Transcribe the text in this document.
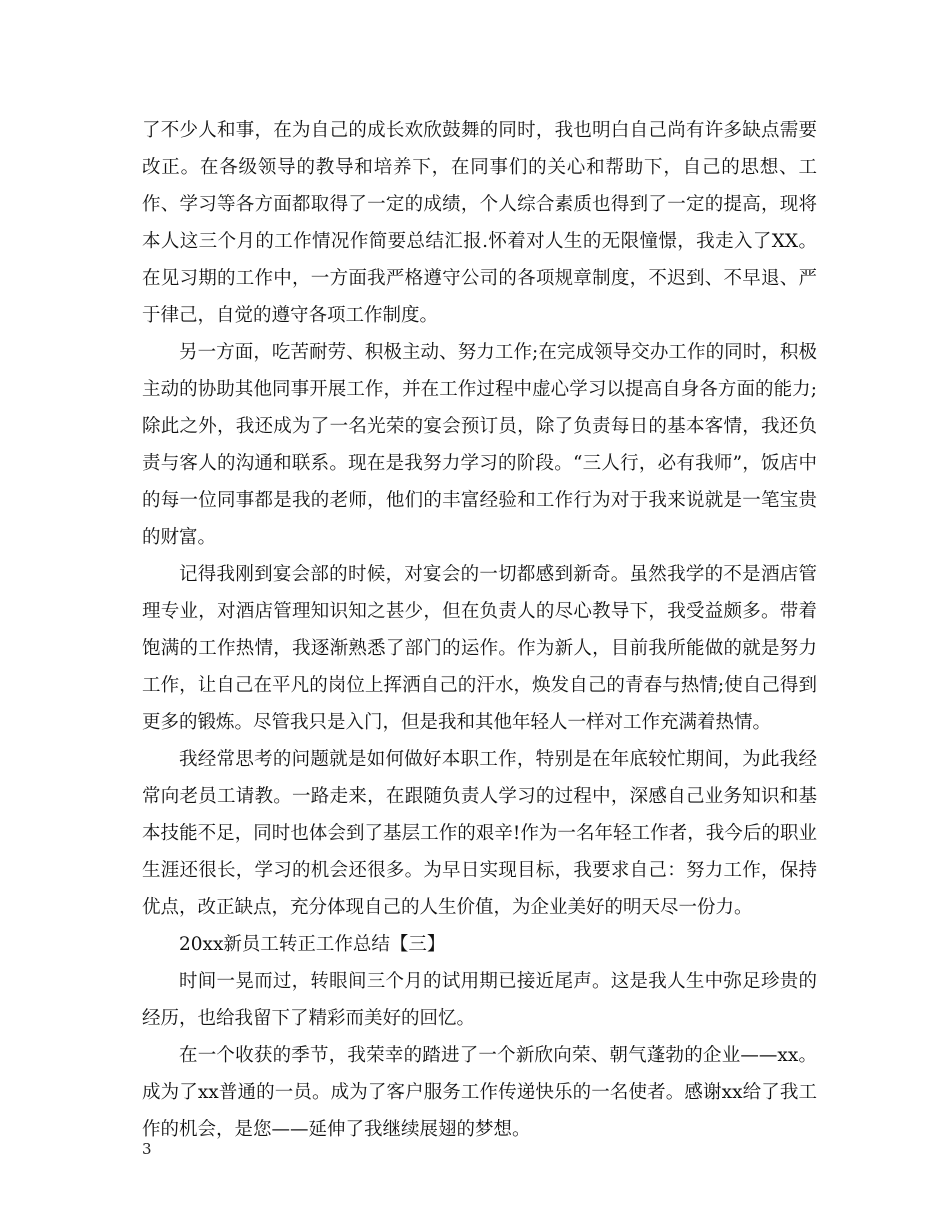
了不少人和事，在为自己的成长欢欣鼓舞的同时，我也明白自己尚有许多缺点需要改正。在各级领导的教导和培养下，在同事们的关心和帮助下，自己的思想、工作、学习等各方面都取得了一定的成绩，个人综合素质也得到了一定的提高，现将本人这三个月的工作情况作简要总结汇报.怀着对人生的无限憧憬，我走入了XX。在见习期的工作中，一方面我严格遵守公司的各项规章制度，不迟到、不早退、严于律己，自觉的遵守各项工作制度。

另一方面，吃苦耐劳、积极主动、努力工作;在完成领导交办工作的同时，积极主动的协助其他同事开展工作，并在工作过程中虚心学习以提高自身各方面的能力;除此之外，我还成为了一名光荣的宴会预订员，除了负责每日的基本客情，我还负责与客人的沟通和联系。现在是我努力学习的阶段。“三人行，必有我师”，饭店中的每一位同事都是我的老师，他们的丰富经验和工作行为对于我来说就是一笔宝贵的财富。

记得我刚到宴会部的时候，对宴会的一切都感到新奇。虽然我学的不是酒店管理专业，对酒店管理知识知之甚少，但在负责人的尽心教导下，我受益颇多。带着饱满的工作热情，我逐渐熟悉了部门的运作。作为新人，目前我所能做的就是努力工作，让自己在平凡的岗位上挥洒自己的汗水，焕发自己的青春与热情;使自己得到更多的锻炼。尽管我只是入门，但是我和其他年轻人一样对工作充满着热情。

我经常思考的问题就是如何做好本职工作，特别是在年底较忙期间，为此我经常向老员工请教。一路走来，在跟随负责人学习的过程中，深感自己业务知识和基本技能不足，同时也体会到了基层工作的艰辛!作为一名年轻工作者，我今后的职业生涯还很长，学习的机会还很多。为早日实现目标，我要求自己：努力工作，保持优点，改正缺点，充分体现自己的人生价值，为企业美好的明天尽一份力。

20xx新员工转正工作总结【三】

时间一晃而过，转眼间三个月的试用期已接近尾声。这是我人生中弥足珍贵的经历，也给我留下了精彩而美好的回忆。

在一个收获的季节，我荣幸的踏进了一个新欣向荣、朝气蓬勃的企业——xx。成为了xx普通的一员。成为了客户服务工作传递快乐的一名使者。感谢xx给了我工作的机会，是您——延伸了我继续展翅的梦想。

3
